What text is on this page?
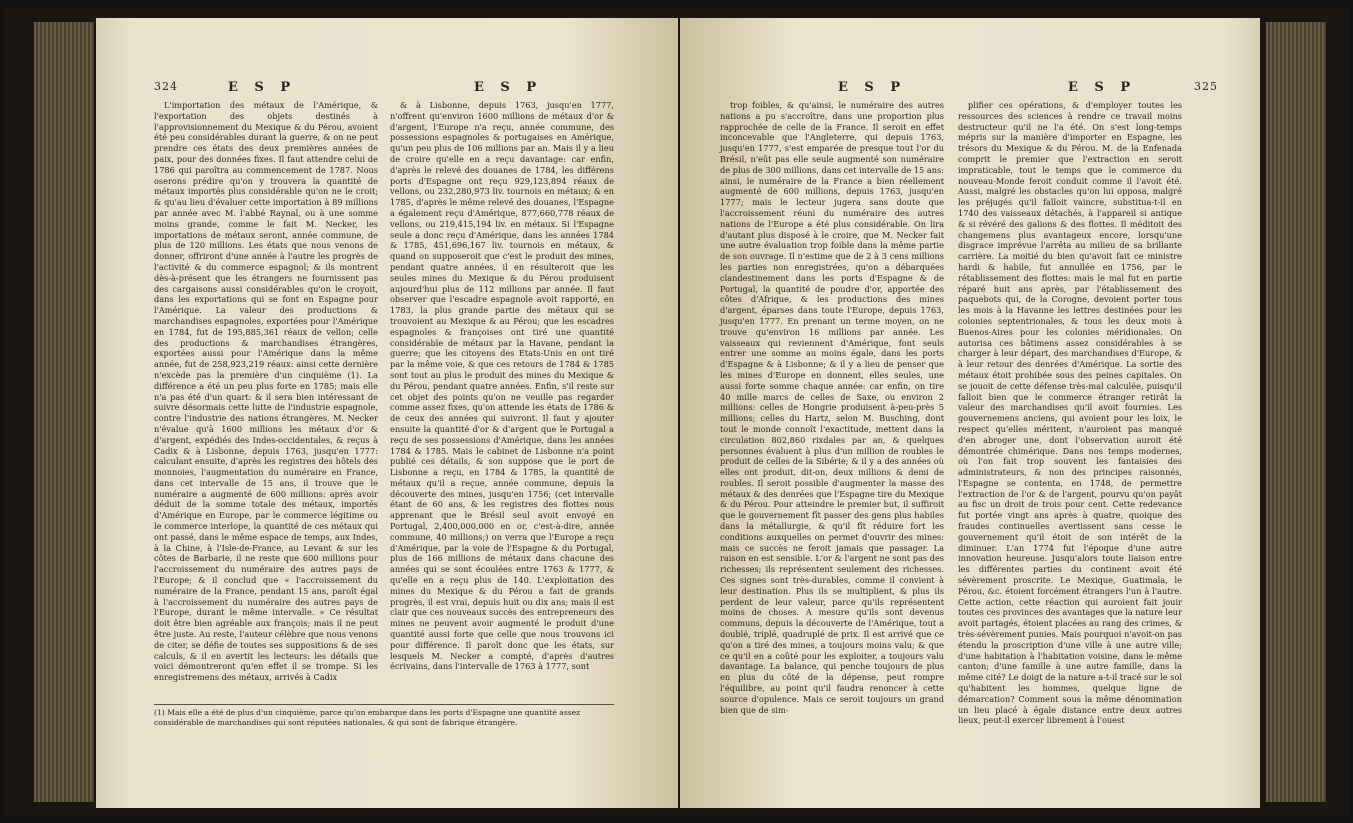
324	E S P	E S P

L'importation des métaux de l'Amérique, & l'exportation des objets destinés à l'approvisionnement du Mexique & du Pérou, avoient été peu considérables durant la guerre, & on ne peut prendre ces états des deux premières années de paix, pour des données fixes. Il faut attendre celui de 1786 qui paroîtra au commencement de 1787. Nous oserons prédire qu'on y trouvera la quantité de métaux importés plus considérable qu'on ne le croit; & qu'au lieu d'évaluer cette importation à 89 millions par année avec M. l'abbé Raynal, ou à une somme moins grande, comme le fait M. Necker, les importations de métaux seront, année commune, de plus de 120 millions. Les états que nous venons de donner, offriront d'une année à l'autre les progrès de l'activité & du commerce espagnol; & ils montrent dès-à-présent que les étrangers ne fournissent pas des cargaisons aussi considérables qu'on le croyoit, dans les exportations qui se font en Espagne pour l'Amérique. La valeur des productions & marchandises espagnoles, exportées pour l'Amérique en 1784, fut de 195,885,361 réaux de vellon; celle des productions & marchandises étrangères, exportées aussi pour l'Amérique dans la même année, fut de 258,923,219 réaux: ainsi cette dernière n'excède pas la première d'un cinquième (1). La différence a été un peu plus forte en 1785; mais elle n'a pas été d'un quart: & il sera bien intéressant de suivre désormais cette lutte de l'industrie espagnole, contre l'industrie des nations étrangères. M. Necker n'évalue qu'à 1600 millions les métaux d'or & d'argent, expédiés des Indes-occidentales, & reçus à Cadix & à Lisbonne, depuis 1763, jusqu'en 1777: calculant ensuite, d'après les registres des hôtels des monnoies, l'augmentation du numéraire en France, dans cet intervalle de 15 ans, il trouve que le numéraire a augmenté de 600 millions: après avoir déduit de la somme totale des métaux, importés d'Amérique en Europe, par le commerce légitime ou le commerce interlope, la quantité de ces métaux qui ont passé, dans le même espace de temps, aux Indes, à la Chine, à l'Isle-de-France, au Levant & sur les côtes de Barbarie, il ne reste que 600 millions pour l'accroissement du numéraire des autres pays de l'Europe; & il conclud que « l'accroissement du numéraire de la France, pendant 15 ans, paroît égal à l'accroissement du numéraire des autres pays de l'Europe, durant le même intervalle. » Ce résultat doit être bien agréable aux françois; mais il ne peut être juste. Au reste, l'auteur célèbre que nous venons de citer, se défie de toutes ses suppositions & de ses calculs, & il en avertit les lecteurs: les détails que voici démontreront qu'en effet il se trompe. Si les enregistremens des métaux, arrivés à Cadix

& à Lisbonne, depuis 1763, jusqu'en 1777, n'offrent qu'environ 1600 millions de métaux d'or & d'argent, l'Europe n'a reçu, année commune, des possessions espagnoles & portugaises en Amérique, qu'un peu plus de 106 millions par an. Mais il y a lieu de croire qu'elle en a reçu davantage: car enfin, d'après le relevé des douanes de 1784, les différens ports d'Espagne ont reçu 929,123,894 réaux de vellons, ou 232,280,973 liv. tournois en métaux; & en 1785, d'après le même relevé des douanes, l'Espagne a également reçu d'Amérique, 877,660,778 réaux de vellons, ou 219,415,194 liv. en métaux. Si l'Espagne seule a donc reçu d'Amérique, dans les années 1784 & 1785, 451,696,167 liv. tournois en métaux, & quand on supposeroit que c'est le produit des mines, pendant quatre années, il en résulteroit que les seules mines du Mexique & du Pérou produisent aujourd'hui plus de 112 millions par année. Il faut observer que l'escadre espagnole avoit rapporté, en 1783, la plus grande partie des métaux qui se trouvoient au Mexique & au Pérou; que les escadres espagnoles & françoises ont tiré une quantité considérable de métaux par la Havane, pendant la guerre; que les citoyens des Etats-Unis en ont tiré par la même voie, & que ces retours de 1784 & 1785 sont tout au plus le produit des mines du Mexique & du Pérou, pendant quatre années. Enfin, s'il reste sur cet objet des points qu'on ne veuille pas regarder comme assez fixes, qu'on attende les états de 1786 & de ceux des années qui suivront. Il faut y ajouter ensuite la quantité d'or & d'argent que le Portugal a reçu de ses possessions d'Amérique, dans les années 1784 & 1785. Mais le cabinet de Lisbonne n'a point publié ces détails, & son suppose que le port de Lisbonne a reçu, en 1784 & 1785, la quantité de métaux qu'il a reçue, année commune, depuis la découverte des mines, jusqu'en 1756; (cet intervalle étant de 60 ans, & les registres des flottes nous apprenant que le Brésil seul avoit envoyé en Portugal, 2,400,000,000 en or, c'est-à-dire, année commune, 40 millions;) on verra que l'Europe a reçu d'Amérique, par la voie de l'Espagne & du Portugal, plus de 166 millions de métaux dans chacune des années qui se sont écoulées entre 1763 & 1777, & qu'elle en a reçu plus de 140. L'exploitation des mines du Mexique & du Pérou a fait de grands progrès, il est vrai, depuis huit ou dix ans; mais il est clair que ces nouveaux succès des entrepreneurs des mines ne peuvent avoir augmenté le produit d'une quantité aussi forte que celle que nous trouvons ici pour différence. Il paroît donc que les états, sur lesquels M. Necker a compté, d'après d'autres écrivains, dans l'intervalle de 1763 à 1777, sont

(1) Mais elle a été de plus d'un cinquième, parce qu'on embarque dans les ports d'Espagne une quantité assez considérable de marchandises qui sont réputées nationales, & qui sont de fabrique étrangère.
E S P	E S P	325

trop foibles, & qu'ainsi, le numéraire des autres nations a pu s'accroître, dans une proportion plus rapprochée de celle de la France. Il seroit en effet inconcevable que l'Angleterre, qui depuis 1763, jusqu'en 1777, s'est emparée de presque tout l'or du Brésil, n'eût pas elle seule augmenté son numéraire de plus de 300 millions, dans cet intervalle de 15 ans: ainsi, le numéraire de la France a bien réellement augmenté de 600 millions, depuis 1763, jusqu'en 1777; mais le lecteur jugera sans doute que l'accroissement réuni du numéraire des autres nations de l'Europe a été plus considérable. On lira d'autant plus disposé à le croire, que M. Necker fait une autre évaluation trop foible dans la même partie de son ouvrage. Il n'estime que de 2 à 3 cens millions les parties non enregistrées, qu'on a débarquées clandestinement dans les ports d'Espagne & de Portugal, la quantité de poudre d'or, apportée des côtes d'Afrique, & les productions des mines d'argent, éparses dans toute l'Europe, depuis 1763, jusqu'en 1777. En prenant un terme moyen, on ne trouve qu'environ 16 millions par année. Les vaisseaux qui reviennent d'Amérique, font seuls entrer une somme au moins égale, dans les ports d'Espagne & à Lisbonne; & il y a lieu de penser que les mines d'Europe en donnent, elles seules, une aussi forte somme chaque année: car enfin, on tire 40 mille marcs de celles de Saxe, ou environ 2 millions: celles de Hongrie produisent à-peu-près 5 millions; celles du Hartz, selon M. Busching, dont tout le monde connoît l'exactitude, mettent dans la circulation 802,860 rixdales par an, & quelques personnes évaluent à plus d'un million de roubles le produit de celles de la Sibérie; & il y a des années où elles ont produit, dit-on, deux millions & demi de roubles. Il seroit possible d'augmenter la masse des métaux & des denrées que l'Espagne tire du Mexique & du Pérou. Pour atteindre le premier but, il suffiroit que le gouvernement fît passer des gens plus habiles dans la métallurgie, & qu'il fît réduire fort les conditions auxquelles on permet d'ouvrir des mines: mais ce succès ne feroit jamais que passager. La raison en est sensible. L'or & l'argent ne sont pas des richesses; ils représentent seulement des richesses. Ces signes sont très-durables, comme il convient à leur destination. Plus ils se multiplient, & plus ils perdent de leur valeur, parce qu'ils représentent moins de choses. A mesure qu'ils sont devenus communs, depuis la découverte de l'Amérique, tout a doublé, triplé, quadruplé de prix. Il est arrivé que ce qu'on a tiré des mines, a toujours moins valu; & que ce qu'il en a coûté pour les exploiter, a toujours valu davantage. La balance, qui penche toujours de plus en plus du côté de la dépense, peut rompre l'équilibre, au point qu'il faudra renoncer à cette source d'opulence. Mais ce seroit toujours un grand bien que de sim-

plifier ces opérations, & d'employer toutes les ressources des sciences à rendre ce travail moins destructeur qu'il ne l'a été. On s'est long-temps mépris sur la manière d'importer en Espagne, les trésors du Mexique & du Pérou. M. de la Enfenada comprit le premier que l'extraction en seroit impraticable, tout le temps que le commerce du nouveau-Monde feroit conduit comme il l'avoit été. Aussi, malgré les obstacles qu'on lui opposa, malgré les préjugés qu'il falloit vaincre, substitua-t-il en 1740 des vaisseaux détachés, à l'appareil si antique & si révéré des galions & des flottes. Il méditoit des changemens plus avantageux encore, lorsqu'une disgrace imprévue l'arrêta au milieu de sa brillante carrière. La moitié du bien qu'avoit fait ce ministre hardi & habile, fut annullée en 1756, par le rétablissement des flottes: mais le mal fut en partie réparé huit ans après, par l'établissement des paquebots qui, de la Corogne, devoient porter tous les mois à la Havanne les lettres destinées pour les colonies septentrionales, & tous les deux mois à Buenos-Aires pour les colonies méridionales. On autorisa ces bâtimens assez considérables à se charger à leur départ, des marchandises d'Europe, & à leur retour des denrées d'Amérique. La sortie des métaux étoit prohibée sous des peines capitales. On se jouoit de cette défense très-mal calculée, puisqu'il falloit bien que le commerce étranger retirât la valeur des marchandises qu'il avoit fournies. Les gouvernemens anciens, qui avoient pour les loix, le respect qu'elles méritent, n'auroient pas manqué d'en abroger une, dont l'observation auroit été démontrée chimérique. Dans nos temps modernes, où l'on fait trop souvent les fantaisies des administrateurs, & non des principes raisonnés, l'Espagne se contenta, en 1748, de permettre l'extraction de l'or & de l'argent, pourvu qu'on payât au fisc un droit de trois pour cent. Cette redevance fut portée vingt ans après à quatre, quoique des fraudes continuelles avertissent sans cesse le gouvernement qu'il étoit de son intérêt de la diminuer. L'an 1774 fut l'époque d'une autre innovation heureuse. Jusqu'alors toute liaison entre les différentes parties du continent avoit été sévèrement proscrite. Le Mexique, Guatimala, le Pérou, &c. étoient forcément étrangers l'un à l'autre. Cette action, cette réaction qui auroient fait jouir toutes ces provinces des avantages que la nature leur avoit partagés, étoient placées au rang des crimes, & très-sévèrement punies. Mais pourquoi n'avoit-on pas étendu la proscription d'une ville à une autre ville; d'une habitation à l'habitation voisine, dans le même canton; d'une famille à une autre famille, dans la même cité? Le doigt de la nature a-t-il tracé sur le sol qu'habitent les hommes, quelque ligne de démarcation? Comment sous la même dénomination un lieu placé à égale distance entre deux autres lieux, peut-il exercer librement à l'ouest
